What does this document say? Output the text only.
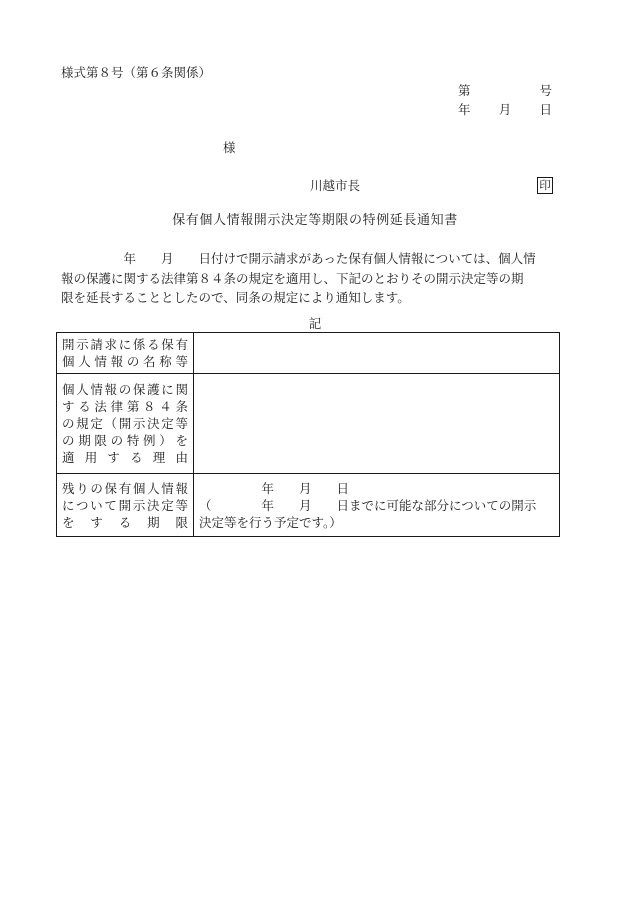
様式第８号（第６条関係）
第	号
年 月 日
様
川越市長	印
保有個人情報開示決定等期限の特例延長通知書
　　　　　年　　月　　日付けで開示請求があった保有個人情報については、個人情
報の保護に関する法律第８４条の規定を適用し、下記のとおりその開示決定等の期
限を延長することとしたので、同条の規定により通知します。
記
開示請求に係る保有
個人情報の名称等	

個人情報の保護に関
する法律第８４条
の規定（開示決定等
の期限の特例）を
適用する理由	

残りの保有個人情報
について開示決定等
をする期限	　　　　　年　　月　　日
（　　　　年　　月　　日までに可能な部分についての開示
決定等を行う予定です。）
